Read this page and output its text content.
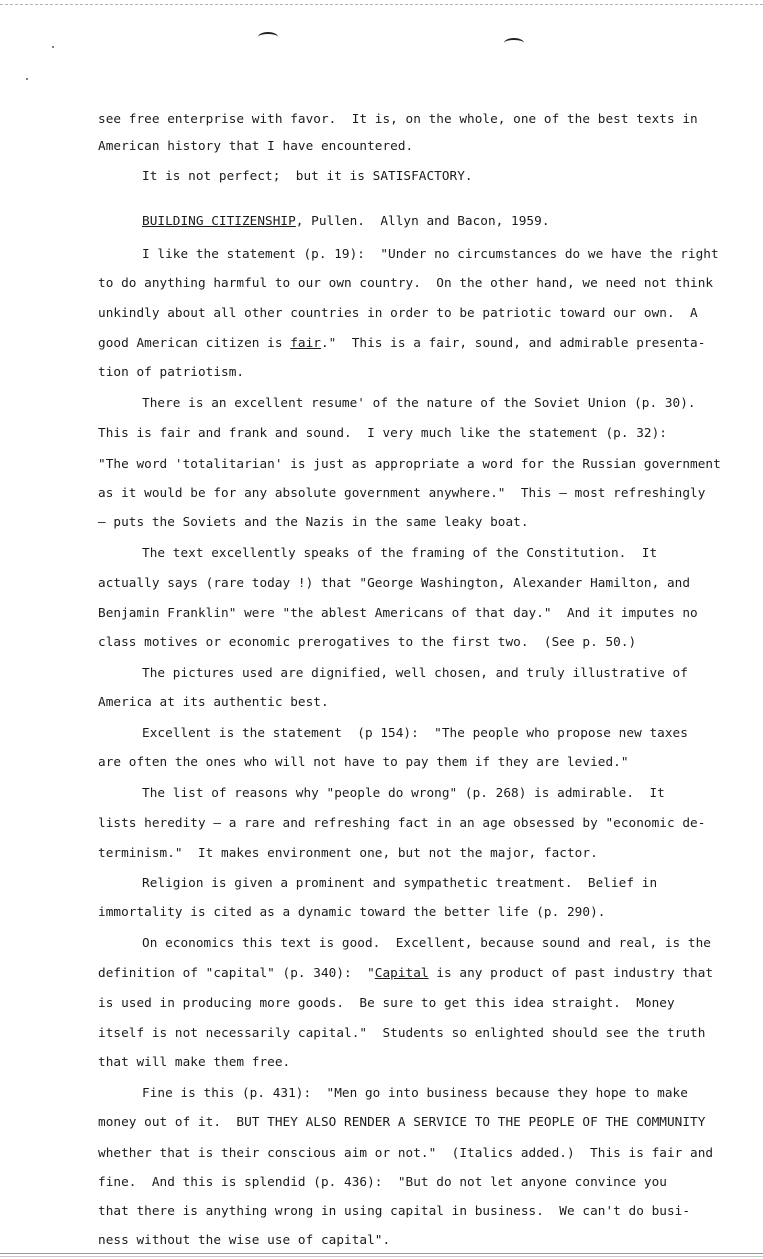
see free enterprise with favor.  It is, on the whole, one of the best texts in
American history that I have encountered.
It is not perfect;  but it is SATISFACTORY.
BUILDING CITIZENSHIP, Pullen.  Allyn and Bacon, 1959.
I like the statement (p. 19):  "Under no circumstances do we have the right
to do anything harmful to our own country.  On the other hand, we need not think
unkindly about all other countries in order to be patriotic toward our own.  A
good American citizen is fair."  This is a fair, sound, and admirable presenta-
tion of patriotism.
There is an excellent resume' of the nature of the Soviet Union (p. 30).
This is fair and frank and sound.  I very much like the statement (p. 32):
"The word 'totalitarian' is just as appropriate a word for the Russian government
as it would be for any absolute government anywhere."  This — most refreshingly
— puts the Soviets and the Nazis in the same leaky boat.
The text excellently speaks of the framing of the Constitution.  It
actually says (rare today !) that "George Washington, Alexander Hamilton, and
Benjamin Franklin" were "the ablest Americans of that day."  And it imputes no
class motives or economic prerogatives to the first two.  (See p. 50.)
The pictures used are dignified, well chosen, and truly illustrative of
America at its authentic best.
Excellent is the statement  (p 154):  "The people who propose new taxes
are often the ones who will not have to pay them if they are levied."
The list of reasons why "people do wrong" (p. 268) is admirable.  It
lists heredity — a rare and refreshing fact in an age obsessed by "economic de-
terminism."  It makes environment one, but not the major, factor.
Religion is given a prominent and sympathetic treatment.  Belief in
immortality is cited as a dynamic toward the better life (p. 290).
On economics this text is good.  Excellent, because sound and real, is the
definition of "capital" (p. 340):  "Capital is any product of past industry that
is used in producing more goods.  Be sure to get this idea straight.  Money
itself is not necessarily capital."  Students so enlighted should see the truth
that will make them free.
Fine is this (p. 431):  "Men go into business because they hope to make
money out of it.  BUT THEY ALSO RENDER A SERVICE TO THE PEOPLE OF THE COMMUNITY
whether that is their conscious aim or not."  (Italics added.)  This is fair and
fine.  And this is splendid (p. 436):  "But do not let anyone convince you
that there is anything wrong in using capital in business.  We can't do busi-
ness without the wise use of capital".
